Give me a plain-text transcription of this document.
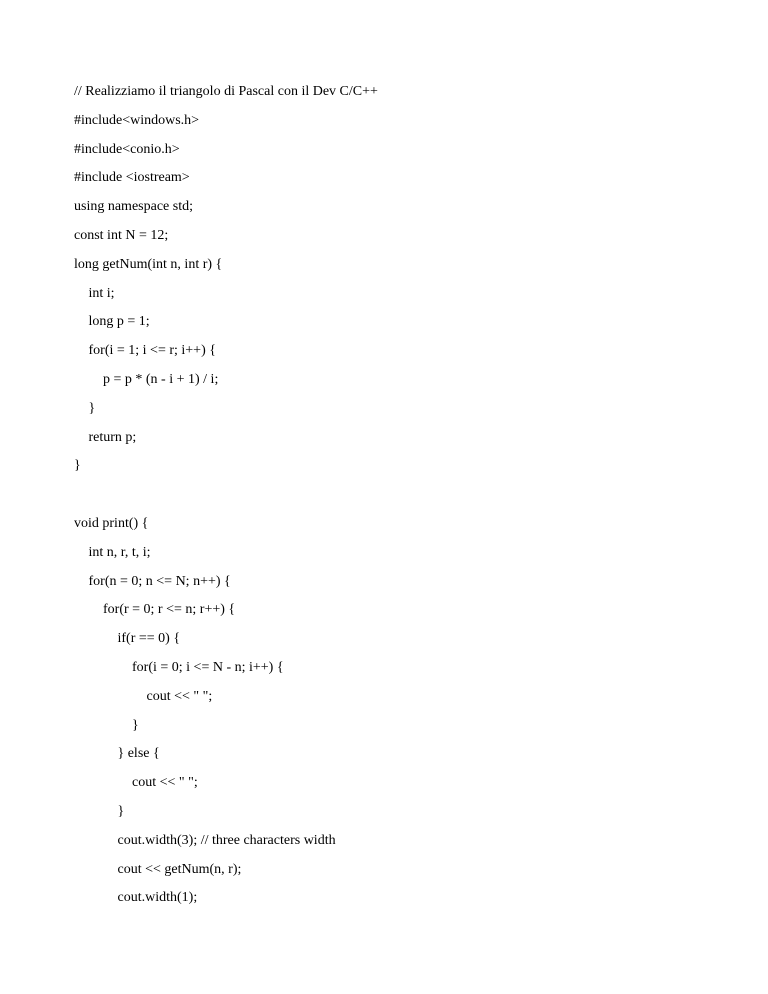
// Realizziamo il triangolo di Pascal con il Dev C/C++
#include<windows.h>
#include<conio.h>
#include <iostream>
using namespace std;
const int N = 12;
long getNum(int n, int r) {
int i;
long p = 1;
for(i = 1; i <= r; i++) {
p = p * (n - i + 1) / i;
}
return p;
}
void print() {
int n, r, t, i;
for(n = 0; n <= N; n++) {
for(r = 0; r <= n; r++) {
if(r == 0) {
for(i = 0; i <= N - n; i++) {
cout << " ";
}
} else {
cout << " ";
}
cout.width(3); // three characters width
cout << getNum(n, r);
cout.width(1);
